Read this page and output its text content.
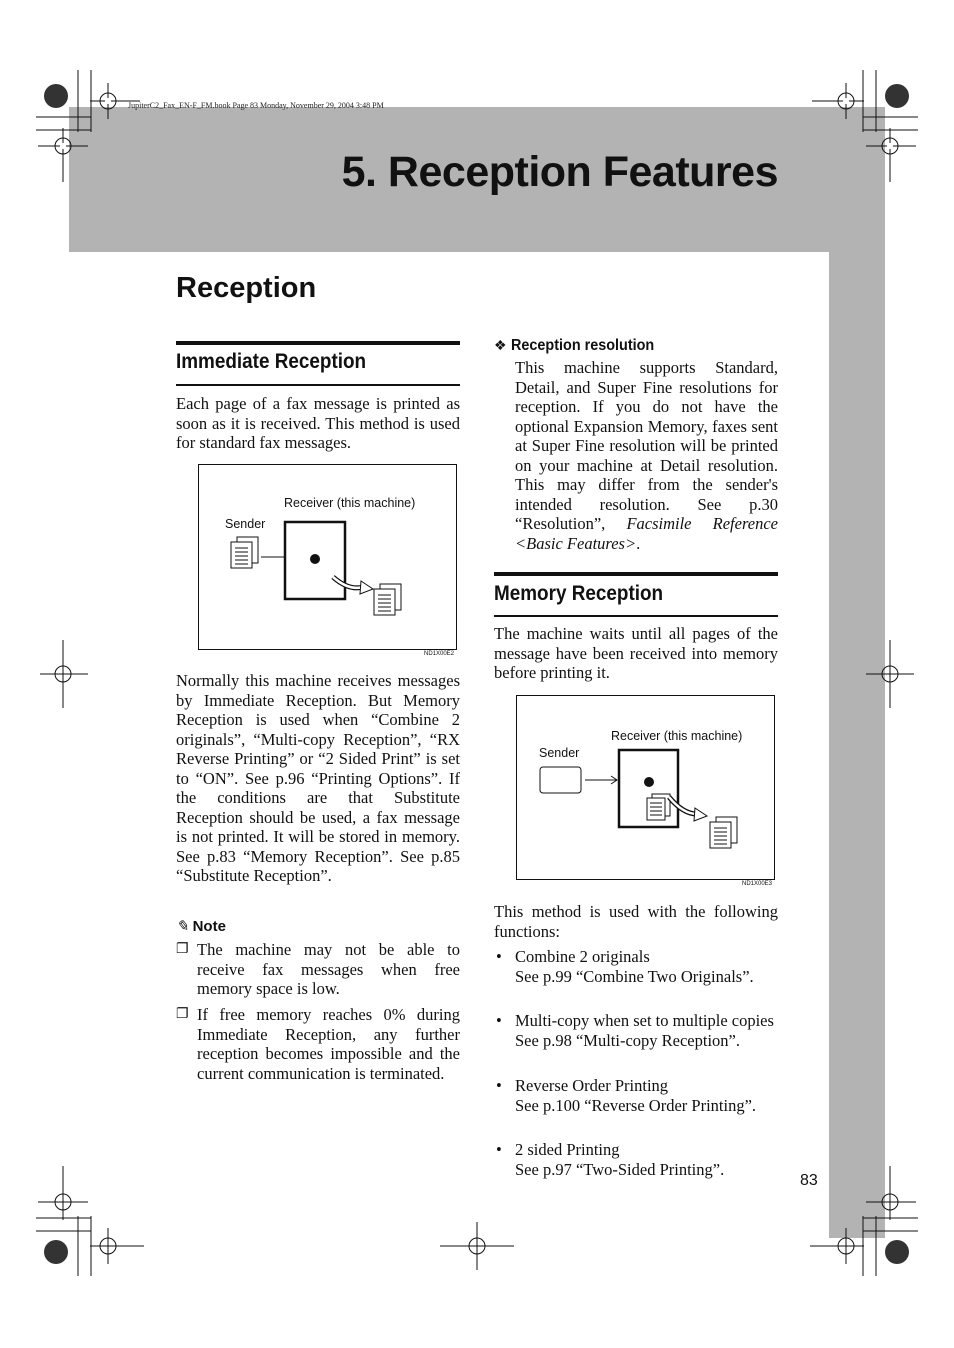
JupiterC2_Fax_EN-F_FM.book Page 83 Monday, November 29, 2004 3:48 PM
5. Reception Features
Reception
Immediate Reception
Each page of a fax message is printed as soon as it is received. This method is used for standard fax messages.
Receiver (this machine)
Sender
ND1X00E2
Normally this machine receives messages by Immediate Reception. But Memory Reception is used when “Combine 2 originals”, “Multi-copy Reception”, “RX Reverse Printing” or “2 Sided Print” is set to “ON”. See p.96 “Printing Options”. If the conditions are that Substitute Reception should be used, a fax message is not printed. It will be stored in memory. See p.83 “Memory Reception”. See p.85 “Substitute Reception”.
✎ Note
❐ The machine may not be able to receive fax messages when free memory space is low.
❐ If free memory reaches 0% during Immediate Reception, any further reception becomes impossible and the current communication is terminated.
❖ Reception resolution
This machine supports Standard, Detail, and Super Fine resolutions for reception. If you do not have the optional Expansion Memory, faxes sent at Super Fine resolution will be printed on your machine at Detail resolution. This may differ from the sender's intended resolution. See p.30 “Resolution”, Facsimile Reference <Basic Features>.
Memory Reception
The machine waits until all pages of the message have been received into memory before printing it.
Receiver (this machine)
Sender
ND1X00E3
This method is used with the following functions:
• Combine 2 originals
See p.99 “Combine Two Originals”.
• Multi-copy when set to multiple copies
See p.98 “Multi-copy Reception”.
• Reverse Order Printing
See p.100 “Reverse Order Printing”.
• 2 sided Printing
See p.97 “Two-Sided Printing”.
83
